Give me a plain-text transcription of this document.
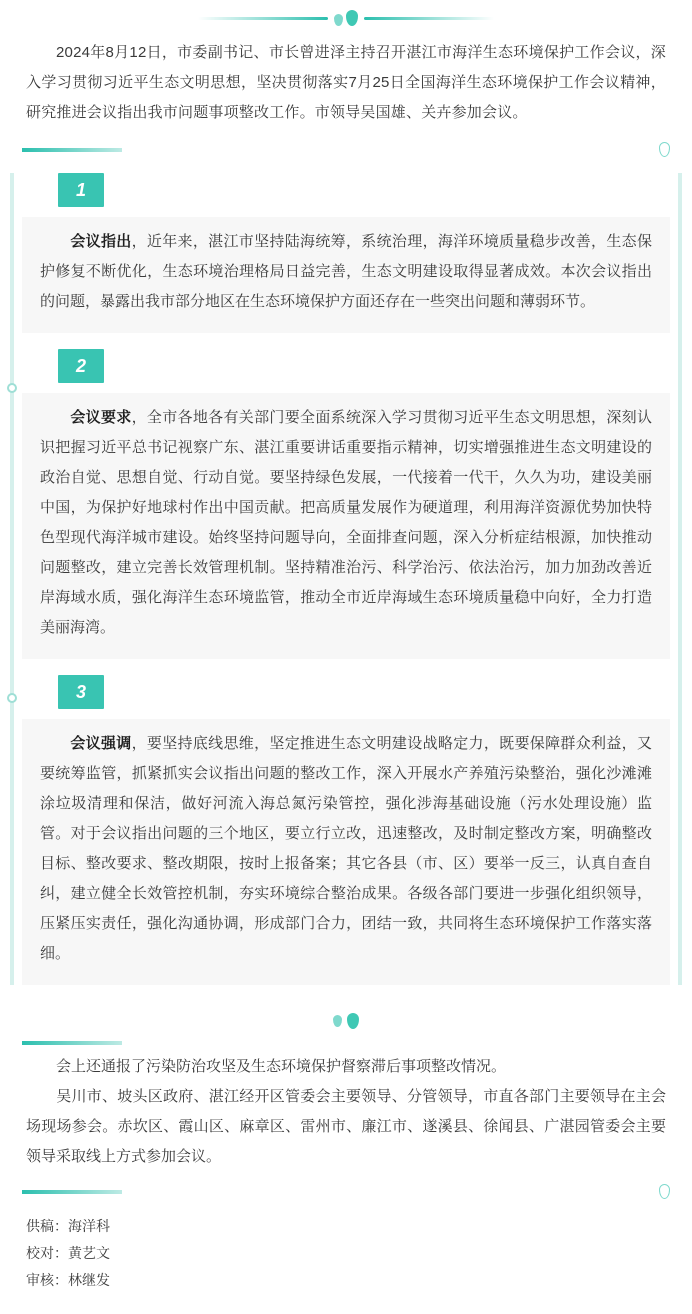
2024年8月12日，市委副书记、市长曾进泽主持召开湛江市海洋生态环境保护工作会议，深入学习贯彻习近平生态文明思想，坚决贯彻落实7月25日全国海洋生态环境保护工作会议精神，研究推进会议指出我市问题事项整改工作。市领导吴国雄、关卉参加会议。

1

会议指出，近年来，湛江市坚持陆海统筹，系统治理，海洋环境质量稳步改善，生态保护修复不断优化，生态环境治理格局日益完善，生态文明建设取得显著成效。本次会议指出的问题，暴露出我市部分地区在生态环境保护方面还存在一些突出问题和薄弱环节。

2

会议要求，全市各地各有关部门要全面系统深入学习贯彻习近平生态文明思想，深刻认识把握习近平总书记视察广东、湛江重要讲话重要指示精神，切实增强推进生态文明建设的政治自觉、思想自觉、行动自觉。要坚持绿色发展，一代接着一代干，久久为功，建设美丽中国，为保护好地球村作出中国贡献。把高质量发展作为硬道理，利用海洋资源优势加快特色型现代海洋城市建设。始终坚持问题导向，全面排查问题，深入分析症结根源，加快推动问题整改，建立完善长效管理机制。坚持精准治污、科学治污、依法治污，加力加劲改善近岸海域水质，强化海洋生态环境监管，推动全市近岸海域生态环境质量稳中向好，全力打造美丽海湾。

3

会议强调，要坚持底线思维，坚定推进生态文明建设战略定力，既要保障群众利益，又要统筹监管，抓紧抓实会议指出问题的整改工作，深入开展水产养殖污染整治，强化沙滩滩涂垃圾清理和保洁，做好河流入海总氮污染管控，强化涉海基础设施（污水处理设施）监管。对于会议指出问题的三个地区，要立行立改，迅速整改，及时制定整改方案，明确整改目标、整改要求、整改期限，按时上报备案；其它各县（市、区）要举一反三，认真自查自纠，建立健全长效管控机制，夯实环境综合整治成果。各级各部门要进一步强化组织领导，压紧压实责任，强化沟通协调，形成部门合力，团结一致，共同将生态环境保护工作落实落细。

会上还通报了污染防治攻坚及生态环境保护督察滞后事项整改情况。

吴川市、坡头区政府、湛江经开区管委会主要领导、分管领导，市直各部门主要领导在主会场现场参会。赤坎区、霞山区、麻章区、雷州市、廉江市、遂溪县、徐闻县、广湛园管委会主要领导采取线上方式参加会议。

供稿：海洋科
校对：黄艺文
审核：林继发
